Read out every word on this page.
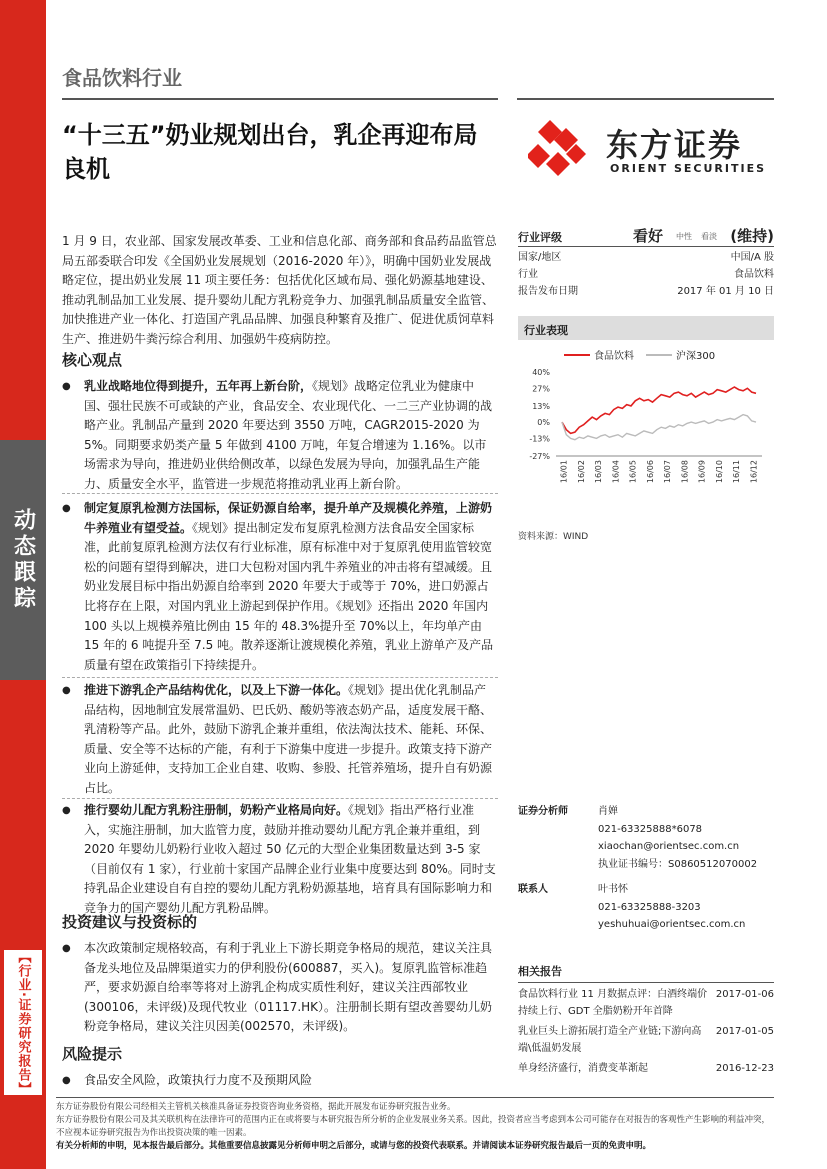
动态跟踪
【行业·证券研究报告】
食品饮料行业
“十三五”奶业规划出台，乳企再迎布局良机
东方证券
ORIENT SECURITIES
1 月 9 日，农业部、国家发展改革委、工业和信息化部、商务部和食品药品监管总局五部委联合印发《全国奶业发展规划（2016-2020 年）》，明确中国奶业发展战略定位，提出奶业发展 11 项主要任务：包括优化区域布局、强化奶源基地建设、推动乳制品加工业发展、提升婴幼儿配方乳粉竞争力、加强乳制品质量安全监管、加快推进产业一体化、打造国产乳品品牌、加强良种繁育及推广、促进优质饲草料生产、推进奶牛粪污综合利用、加强奶牛疫病防控。
核心观点
● 乳业战略地位得到提升，五年再上新台阶，《规划》战略定位乳业为健康中国、强壮民族不可或缺的产业，食品安全、农业现代化、一二三产业协调的战略产业。乳制品产量到 2020 年要达到 3550 万吨，CAGR2015-2020 为 5%。同期要求奶类产量 5 年做到 4100 万吨，年复合增速为 1.16%。以市场需求为导向，推进奶业供给侧改革，以绿色发展为导向，加强乳品生产能力、质量安全水平，监管进一步规范将推动乳业再上新台阶。
● 制定复原乳检测方法国标，保证奶源自给率，提升单产及规模化养殖，上游奶牛养殖业有望受益。《规划》提出制定发布复原乳检测方法食品安全国家标准，此前复原乳检测方法仅有行业标准，原有标准中对于复原乳使用监管较宽松的问题有望得到解决，进口大包粉对国内乳牛养殖业的冲击将有望减缓。且奶业发展目标中指出奶源自给率到 2020 年要大于或等于 70%，进口奶源占比将存在上限，对国内乳业上游起到保护作用。《规划》还指出 2020 年国内 100 头以上规模养殖比例由 15 年的 48.3%提升至 70%以上，年均单产由 15 年的 6 吨提升至 7.5 吨。散养逐渐让渡规模化养殖，乳业上游单产及产品质量有望在政策指引下持续提升。
● 推进下游乳企产品结构优化，以及上下游一体化。《规划》提出优化乳制品产品结构，因地制宜发展常温奶、巴氏奶、酸奶等液态奶产品，适度发展干酪、乳清粉等产品。此外，鼓励下游乳企兼并重组，依法淘汰技术、能耗、环保、质量、安全等不达标的产能，有利于下游集中度进一步提升。政策支持下游产业向上游延伸，支持加工企业自建、收购、参股、托管养殖场，提升自有奶源占比。
● 推行婴幼儿配方乳粉注册制，奶粉产业格局向好。《规划》指出严格行业准入，实施注册制，加大监管力度，鼓励并推动婴幼儿配方乳企兼并重组，到 2020 年婴幼儿奶粉行业收入超过 50 亿元的大型企业集团数量达到 3-5 家（目前仅有 1 家），行业前十家国产品牌企业行业集中度要达到 80%。同时支持乳品企业建设自有自控的婴幼儿配方乳粉奶源基地，培育具有国际影响力和竞争力的国产婴幼儿配方乳粉品牌。
投资建议与投资标的
● 本次政策制定规格较高，有利于乳业上下游长期竞争格局的规范，建议关注具备龙头地位及品牌渠道实力的伊利股份(600887，买入)。复原乳监管标准趋严，要求奶源自给率等将对上游乳企构成实质性利好，建议关注西部牧业(300106，未评级)及现代牧业（01117.HK）。注册制长期有望改善婴幼儿奶粉竞争格局，建议关注贝因美(002570，未评级)。
风险提示
● 食品安全风险，政策执行力度不及预期风险
行业评级	看好 中性 看淡 (维持)
国家/地区	中国/A 股
行业	食品饮料
报告发布日期	2017 年 01 月 10 日
行业表现
食品饮料	沪深300
40%
27%
13%
0%
-13%
-27%
16/01 16/02 16/03 16/04 16/05 16/06 16/07 16/08 16/09 16/10 16/11 16/12
资料来源：WIND
证券分析师	肖婵
021-63325888*6078
xiaochan@orientsec.com.cn
执业证书编号：S0860512070002
联系人	叶书怀
021-63325888-3203
yeshuhuai@orientsec.com.cn
相关报告
食品饮料行业 11 月数据点评：白酒终端价持续上行、GDT 全脂奶粉开年首降
2017-01-06
乳业巨头上游拓展打造全产业链;下游向高端\低温奶发展
2017-01-05
单身经济盛行，消费变革渐起	2016-12-23
东方证券股份有限公司经相关主管机关核准具备证券投资咨询业务资格，据此开展发布证券研究报告业务。
东方证券股份有限公司及其关联机构在法律许可的范围内正在或将要与本研究报告所分析的企业发展业务关系。因此，投资者应当考虑到本公司可能存在对报告的客观性产生影响的利益冲突，不应视本证券研究报告为作出投资决策的唯一因素。
有关分析师的申明，见本报告最后部分。其他重要信息披露见分析师申明之后部分，或请与您的投资代表联系。并请阅读本证券研究报告最后一页的免责申明。
